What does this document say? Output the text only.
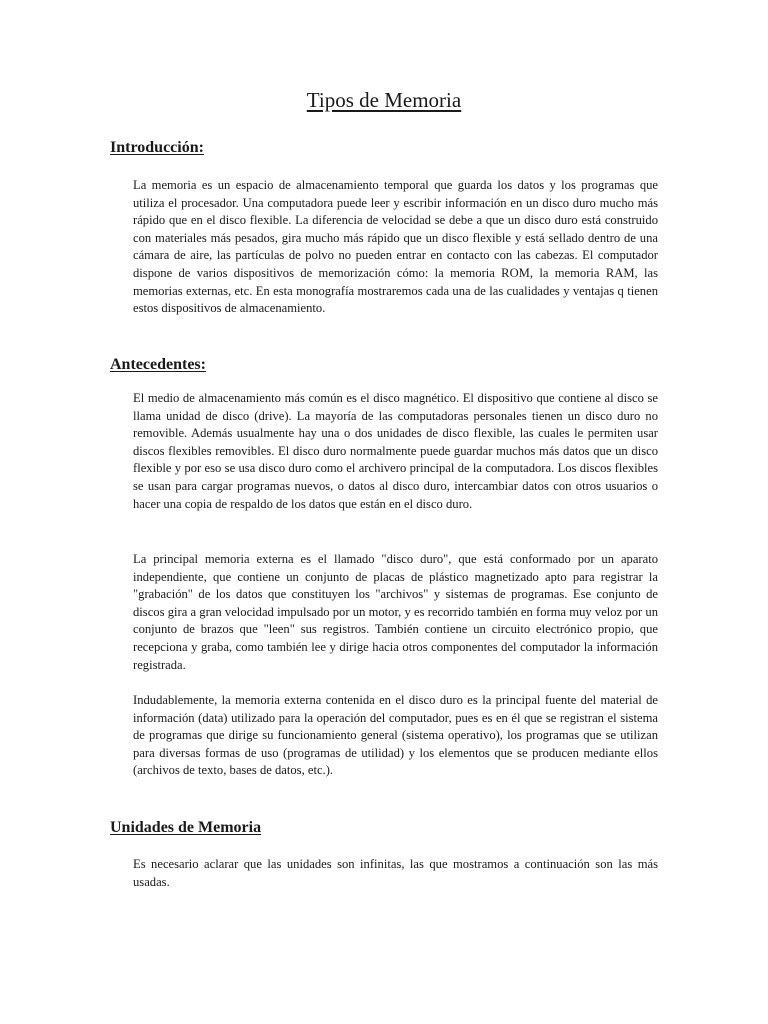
Tipos de Memoria
Introducción:

La memoria es un espacio de almacenamiento temporal que guarda los datos y los programas que utiliza el procesador. Una computadora puede leer y escribir información en un disco duro mucho más rápido que en el disco flexible. La diferencia de velocidad se debe a que un disco duro está construido con materiales más pesados, gira mucho más rápido que un disco flexible y está sellado dentro de una cámara de aire, las partículas de polvo no pueden entrar en contacto con las cabezas. El computador dispone de varios dispositivos de memorización cómo: la memoria ROM, la memoria RAM, las memorias externas, etc. En esta monografía mostraremos cada una de las cualidades y ventajas q tienen estos dispositivos de almacenamiento.

Antecedentes:

El medio de almacenamiento más común es el disco magnético. El dispositivo que contiene al disco se llama unidad de disco (drive). La mayoría de las computadoras personales tienen un disco duro no removible. Además usualmente hay una o dos unidades de disco flexible, las cuales le permiten usar discos flexibles removibles. El disco duro normalmente puede guardar muchos más datos que un disco flexible y por eso se usa disco duro como el archivero principal de la computadora. Los discos flexibles se usan para cargar programas nuevos, o datos al disco duro, intercambiar datos con otros usuarios o hacer una copia de respaldo de los datos que están en el disco duro.

La principal memoria externa es el llamado "disco duro", que está conformado por un aparato independiente, que contiene un conjunto de placas de plástico magnetizado apto para registrar la "grabación" de los datos que constituyen los "archivos" y sistemas de programas. Ese conjunto de discos gira a gran velocidad impulsado por un motor, y es recorrido también en forma muy veloz por un conjunto de brazos que "leen" sus registros. También contiene un circuito electrónico propio, que recepciona y graba, como también lee y dirige hacia otros componentes del computador la información registrada.

Indudablemente, la memoria externa contenida en el disco duro es la principal fuente del material de información (data) utilizado para la operación del computador, pues es en él que se registran el sistema de programas que dirige su funcionamiento general (sistema operativo), los programas que se utilizan para diversas formas de uso (programas de utilidad) y los elementos que se producen mediante ellos (archivos de texto, bases de datos, etc.).

Unidades de Memoria

Es necesario aclarar que las unidades son infinitas, las que mostramos a continuación son las más usadas.
